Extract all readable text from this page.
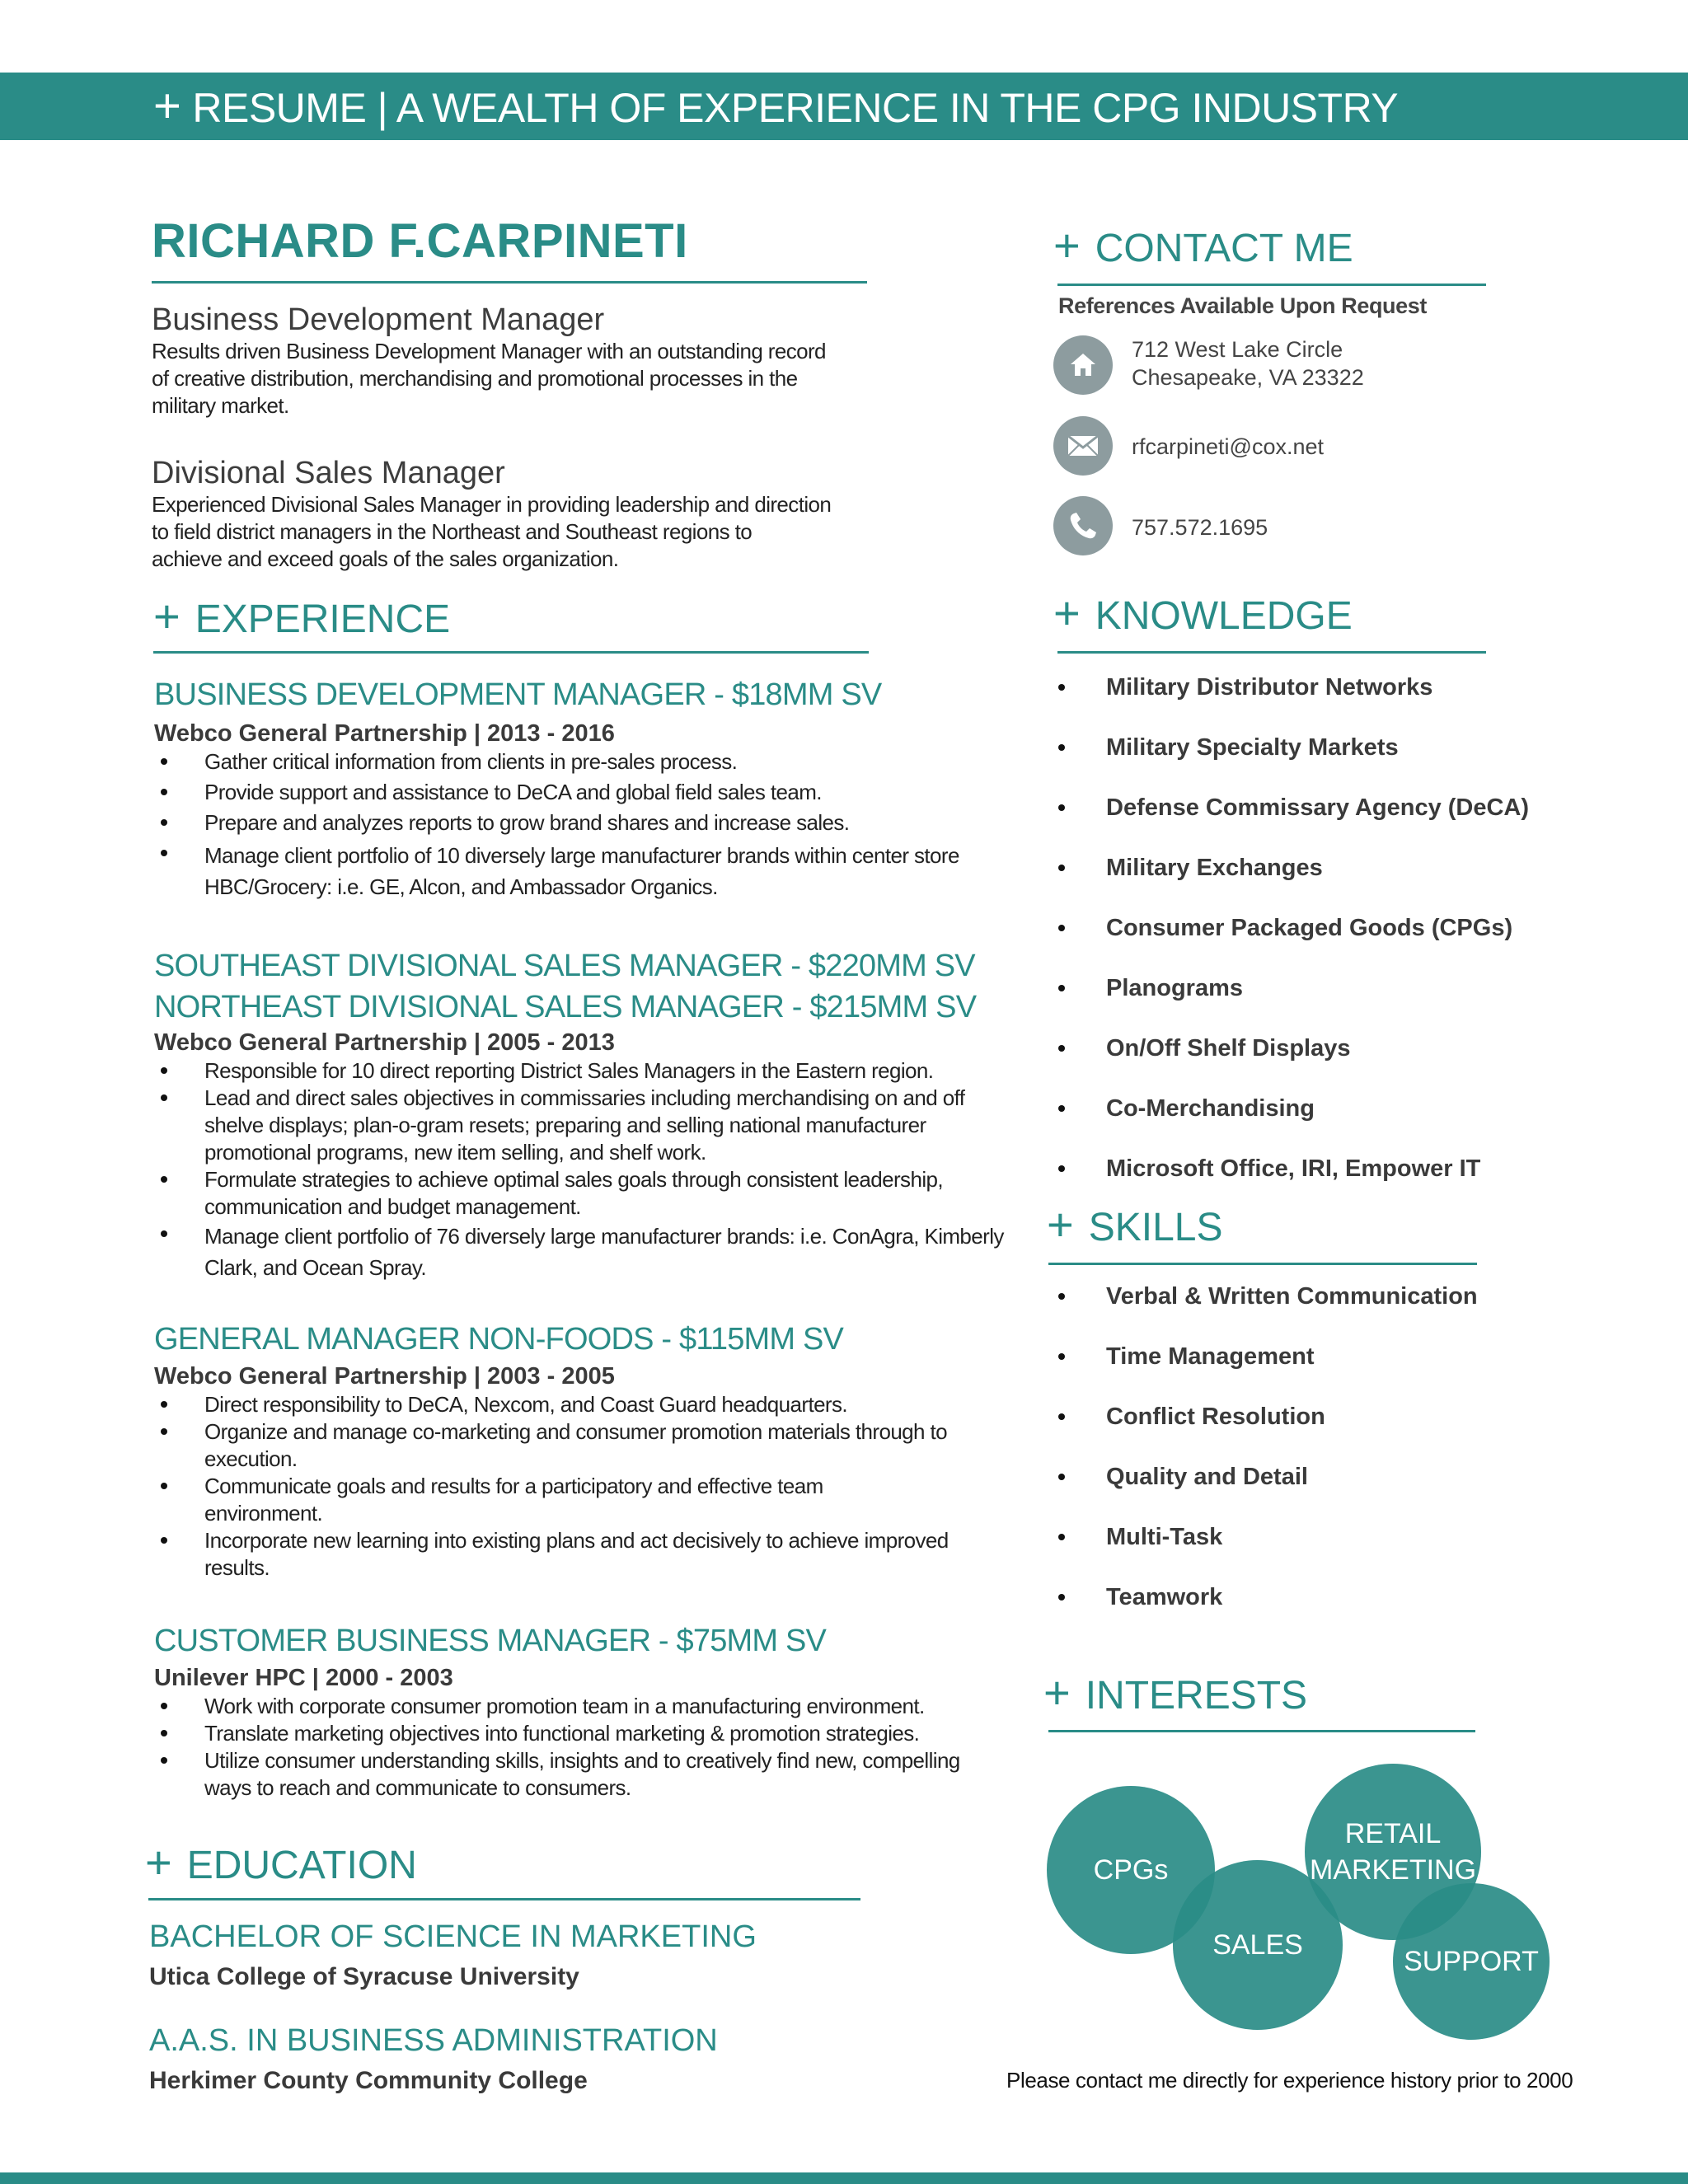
+ RESUME | A WEALTH OF EXPERIENCE IN THE CPG INDUSTRY
RICHARD F.CARPINETI
Business Development Manager
Results driven Business Development Manager with an outstanding record
of creative distribution, merchandising and promotional processes in the
military market.
Divisional Sales Manager
Experienced Divisional Sales Manager in providing leadership and direction
to field district managers in the Northeast and Southeast regions to
achieve and exceed goals of the sales organization.
+ EXPERIENCE
BUSINESS DEVELOPMENT MANAGER - $18MM SV
Webco General Partnership | 2013 - 2016
Gather critical information from clients in pre-sales process.
Provide support and assistance to DeCA and global field sales team.
Prepare and analyzes reports to grow brand shares and increase sales.
Manage client portfolio of 10 diversely large manufacturer brands within center store HBC/Grocery: i.e. GE, Alcon, and Ambassador Organics.
SOUTHEAST DIVISIONAL SALES MANAGER - $220MM SV
NORTHEAST DIVISIONAL SALES MANAGER - $215MM SV
Webco General Partnership | 2005 - 2013
Responsible for 10 direct reporting District Sales Managers in the Eastern region.
Lead and direct sales objectives in commissaries including merchandising on and off shelve displays; plan-o-gram resets; preparing and selling national manufacturer promotional programs, new item selling, and shelf work.
Formulate strategies to achieve optimal sales goals through consistent leadership, communication and budget management.
Manage client portfolio of 76 diversely large manufacturer brands: i.e. ConAgra, Kimberly Clark, and Ocean Spray.
GENERAL MANAGER NON-FOODS - $115MM SV
Webco General Partnership | 2003 - 2005
Direct responsibility to DeCA, Nexcom, and Coast Guard headquarters.
Organize and manage co-marketing and consumer promotion materials through to execution.
Communicate goals and results for a participatory and effective team environment.
Incorporate new learning into existing plans and act decisively to achieve improved results.
CUSTOMER BUSINESS MANAGER - $75MM SV
Unilever HPC | 2000 - 2003
Work with corporate consumer promotion team in a manufacturing environment.
Translate marketing objectives into functional marketing & promotion strategies.
Utilize consumer understanding skills, insights and to creatively find new, compelling ways to reach and communicate to consumers.
+ EDUCATION
BACHELOR OF SCIENCE IN MARKETING
Utica College of Syracuse University
A.A.S. IN BUSINESS ADMINISTRATION
Herkimer County Community College
+ CONTACT ME
References Available Upon Request
712 West Lake Circle
Chesapeake, VA 23322
rfcarpineti@cox.net
757.572.1695
+ KNOWLEDGE
Military Distributor Networks
Military Specialty Markets
Defense Commissary Agency (DeCA)
Military Exchanges
Consumer Packaged Goods (CPGs)
Planograms
On/Off Shelf Displays
Co-Merchandising
Microsoft Office, IRI, Empower IT
+ SKILLS
Verbal & Written Communication
Time Management
Conflict Resolution
Quality and Detail
Multi-Task
Teamwork
+ INTERESTS
CPGs
RETAIL
MARKETING
SUPPORT
SALES
Please contact me directly for experience history prior to 2000
